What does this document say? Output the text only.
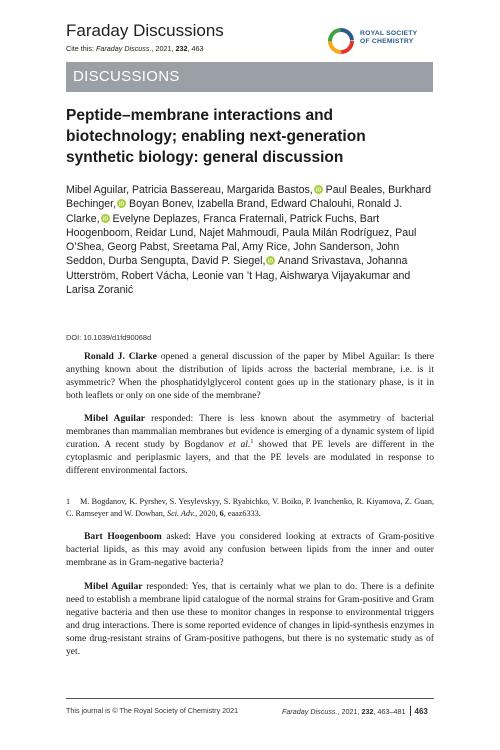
Faraday Discussions
Cite this: Faraday Discuss., 2021, 232, 463
ROYAL SOCIETY
OF CHEMISTRY
DISCUSSIONS
Peptide–membrane interactions and biotechnology; enabling next-generation synthetic biology: general discussion
Mibel Aguilar, Patricia Bassereau, Margarida Bastos, iD Paul Beales, Burkhard Bechinger, iD Boyan Bonev, Izabella Brand, Edward Chalouhi, Ronald J. Clarke, iD Evelyne Deplazes, Franca Fraternali, Patrick Fuchs, Bart Hoogenboom, Reidar Lund, Najet Mahmoudi, Paula Milán Rodríguez, Paul O’Shea, Georg Pabst, Sreetama Pal, Amy Rice, John Sanderson, John Seddon, Durba Sengupta, David P. Siegel, iD Anand Srivastava, Johanna Utterström, Robert Vácha, Leonie van ’t Hag, Aishwarya Vijayakumar and Larisa Zoranić
DOI: 10.1039/d1fd90068d

Ronald J. Clarke opened a general discussion of the paper by Mibel Aguilar: Is there anything known about the distribution of lipids across the bacterial membrane, i.e. is it asymmetric? When the phosphatidylglycerol content goes up in the stationary phase, is it in both leaflets or only on one side of the membrane?

Mibel Aguilar responded: There is less known about the asymmetry of bacterial membranes than mammalian membranes but evidence is emerging of a dynamic system of lipid curation. A recent study by Bogdanov et al.$^1$ showed that PE levels are different in the cytoplasmic and periplasmic layers, and that the PE levels are modulated in response to different environmental factors.

1 M. Bogdanov, K. Pyrshev, S. Yesylevskyy, S. Ryabichko, V. Boiko, P. Ivanchenko, R. Kiyamova, Z. Guan, C. Ramseyer and W. Dowhan, Sci. Adv., 2020, 6, eaaz6333.

Bart Hoogenboom asked: Have you considered looking at extracts of Gram-positive bacterial lipids, as this may avoid any confusion between lipids from the inner and outer membrane as in Gram-negative bacteria?

Mibel Aguilar responded: Yes, that is certainly what we plan to do. There is a definite need to establish a membrane lipid catalogue of the normal strains for Gram-positive and Gram negative bacteria and then use these to monitor changes in response to environmental triggers and drug interactions. There is some reported evidence of changes in lipid-synthesis enzymes in some drug-resistant strains of Gram-positive pathogens, but there is no systematic study as of yet.

This journal is © The Royal Society of Chemistry 2021	Faraday Discuss., 2021, 232, 463–481 463
